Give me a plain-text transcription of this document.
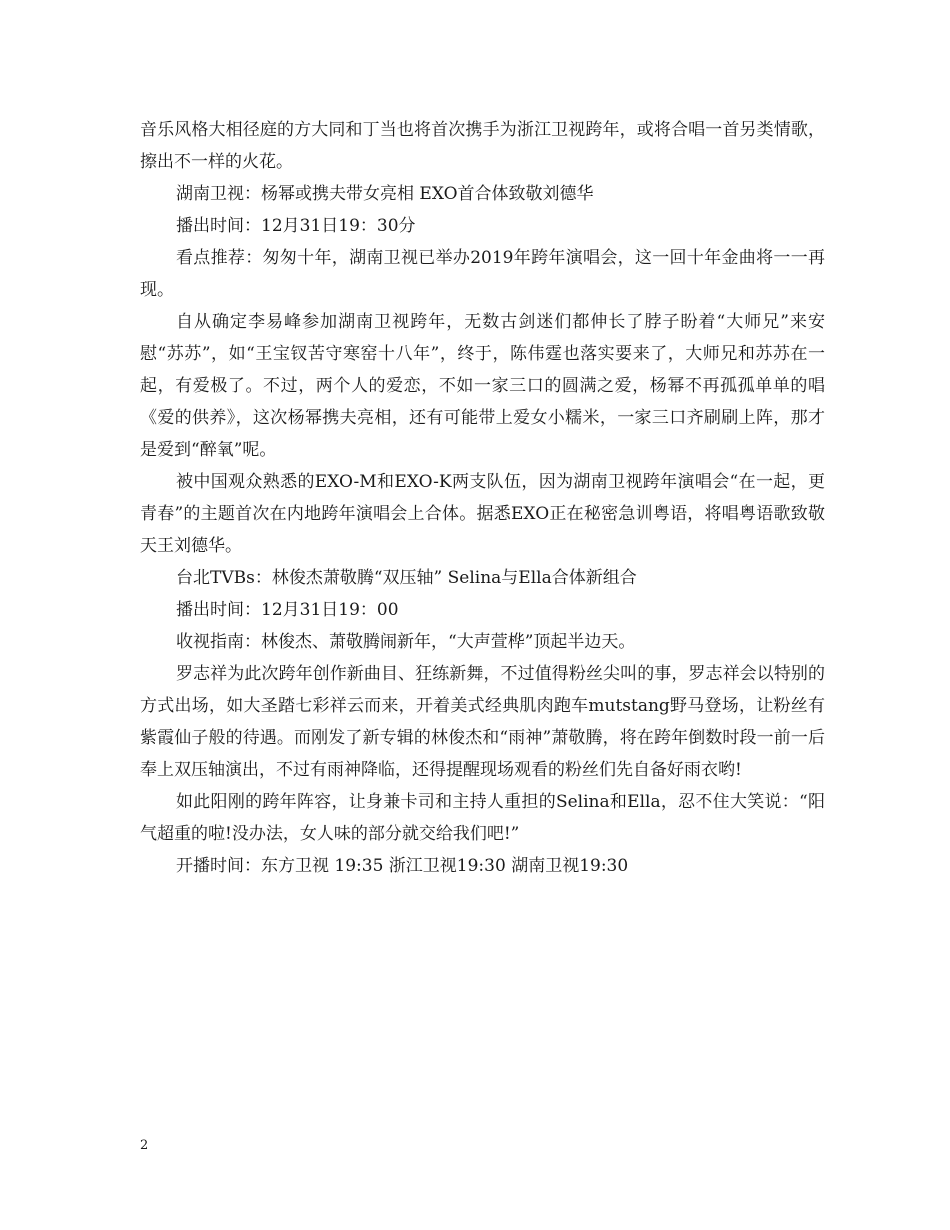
音乐风格大相径庭的方大同和丁当也将首次携手为浙江卫视跨年，或将合唱一首另类情歌，擦出不一样的火花。

湖南卫视：杨幂或携夫带女亮相 EXO首合体致敬刘德华

播出时间：12月31日19：30分

看点推荐：匆匆十年，湖南卫视已举办2019年跨年演唱会，这一回十年金曲将一一再现。

自从确定李易峰参加湖南卫视跨年，无数古剑迷们都伸长了脖子盼着“大师兄”来安慰“苏苏”，如“王宝钗苦守寒窑十八年”，终于，陈伟霆也落实要来了，大师兄和苏苏在一起，有爱极了。不过，两个人的爱恋，不如一家三口的圆满之爱，杨幂不再孤孤单单的唱《爱的供养》，这次杨幂携夫亮相，还有可能带上爱女小糯米，一家三口齐刷刷上阵，那才是爱到“醉氧”呢。

被中国观众熟悉的EXO-M和EXO-K两支队伍，因为湖南卫视跨年演唱会“在一起，更青春”的主题首次在内地跨年演唱会上合体。据悉EXO正在秘密急训粤语，将唱粤语歌致敬天王刘德华。

台北TVBs：林俊杰萧敬腾“双压轴” Selina与Ella合体新组合

播出时间：12月31日19：00

收视指南：林俊杰、萧敬腾闹新年，“大声萱桦”顶起半边天。

罗志祥为此次跨年创作新曲目、狂练新舞，不过值得粉丝尖叫的事，罗志祥会以特别的方式出场，如大圣踏七彩祥云而来，开着美式经典肌肉跑车mutstang野马登场，让粉丝有紫霞仙子般的待遇。而刚发了新专辑的林俊杰和“雨神”萧敬腾，将在跨年倒数时段一前一后奉上双压轴演出，不过有雨神降临，还得提醒现场观看的粉丝们先自备好雨衣哟!

如此阳刚的跨年阵容，让身兼卡司和主持人重担的Selina和Ella，忍不住大笑说：“阳气超重的啦!没办法，女人味的部分就交给我们吧!”

开播时间：东方卫视 19:35 浙江卫视19:30 湖南卫视19:30

2
